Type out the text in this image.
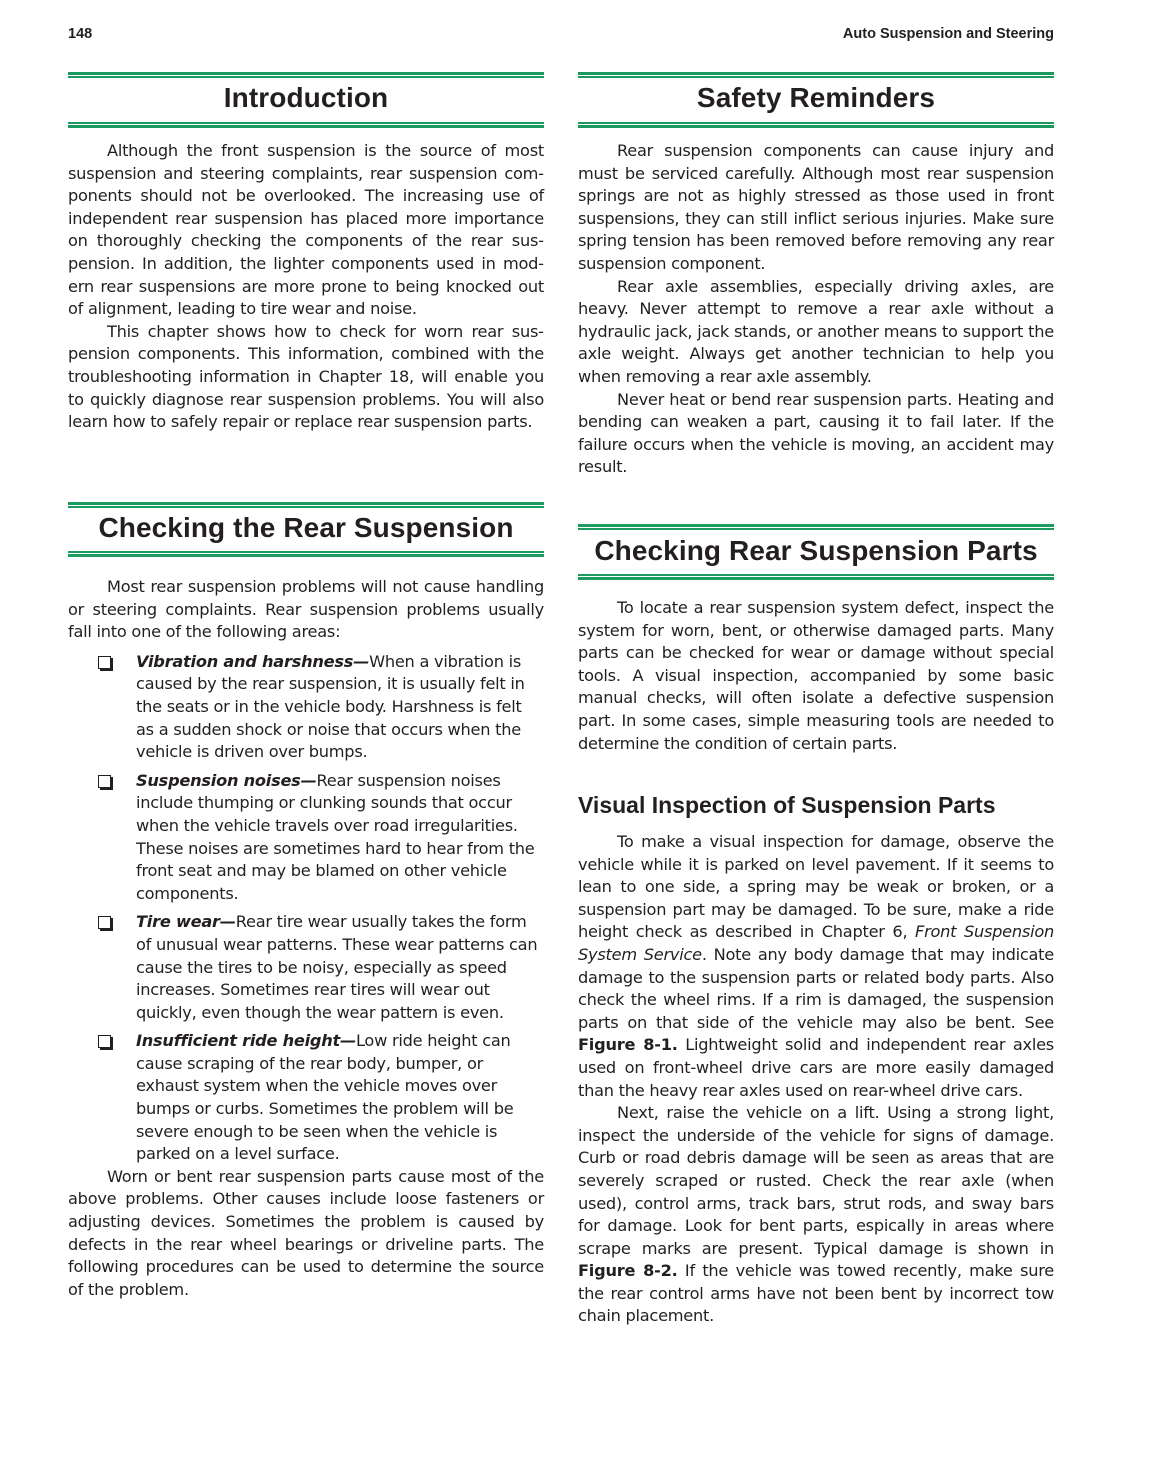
148	Auto Suspension and Steering
Introduction

Although the front suspension is the source of most suspension and steering complaints, rear suspension components should not be overlooked. The increasing use of independent rear suspension has placed more importance on thoroughly checking the components of the rear suspension. In addition, the lighter components used in modern rear suspensions are more prone to being knocked out of alignment, leading to tire wear and noise.

This chapter shows how to check for worn rear suspension components. This information, combined with the troubleshooting information in Chapter 18, will enable you to quickly diagnose rear suspension problems. You will also learn how to safely repair or replace rear suspension parts.

Checking the Rear Suspension

Most rear suspension problems will not cause handling or steering complaints. Rear suspension problems usually fall into one of the following areas:

Vibration and harshness—When a vibration is caused by the rear suspension, it is usually felt in the seats or in the vehicle body. Harshness is felt as a sudden shock or noise that occurs when the vehicle is driven over bumps.
Suspension noises—Rear suspension noises include thumping or clunking sounds that occur when the vehicle travels over road irregularities. These noises are sometimes hard to hear from the front seat and may be blamed on other vehicle components.
Tire wear—Rear tire wear usually takes the form of unusual wear patterns. These wear patterns can cause the tires to be noisy, especially as speed increases. Sometimes rear tires will wear out quickly, even though the wear pattern is even.
Insufficient ride height—Low ride height can cause scraping of the rear body, bumper, or exhaust system when the vehicle moves over bumps or curbs. Sometimes the problem will be severe enough to be seen when the vehicle is parked on a level surface.

Worn or bent rear suspension parts cause most of the above problems. Other causes include loose fasteners or adjusting devices. Sometimes the problem is caused by defects in the rear wheel bearings or driveline parts. The following procedures can be used to determine the source of the problem.

Safety Reminders

Rear suspension components can cause injury and must be serviced carefully. Although most rear suspension springs are not as highly stressed as those used in front suspensions, they can still inflict serious injuries. Make sure spring tension has been removed before removing any rear suspension component.

Rear axle assemblies, especially driving axles, are heavy. Never attempt to remove a rear axle without a hydraulic jack, jack stands, or another means to support the axle weight. Always get another technician to help you when removing a rear axle assembly.

Never heat or bend rear suspension parts. Heating and bending can weaken a part, causing it to fail later. If the failure occurs when the vehicle is moving, an accident may result.

Checking Rear Suspension Parts

To locate a rear suspension system defect, inspect the system for worn, bent, or otherwise damaged parts. Many parts can be checked for wear or damage without special tools. A visual inspection, accompanied by some basic manual checks, will often isolate a defective suspension part. In some cases, simple measuring tools are needed to determine the condition of certain parts.

Visual Inspection of Suspension Parts

To make a visual inspection for damage, observe the vehicle while it is parked on level pavement. If it seems to lean to one side, a spring may be weak or broken, or a suspension part may be damaged. To be sure, make a ride height check as described in Chapter 6, Front Suspension System Service. Note any body damage that may indicate damage to the suspension parts or related body parts. Also check the wheel rims. If a rim is damaged, the suspension parts on that side of the vehicle may also be bent. See Figure 8-1. Lightweight solid and independent rear axles used on front-wheel drive cars are more easily damaged than the heavy rear axles used on rear-wheel drive cars.

Next, raise the vehicle on a lift. Using a strong light, inspect the underside of the vehicle for signs of damage. Curb or road debris damage will be seen as areas that are severely scraped or rusted. Check the rear axle (when used), control arms, track bars, strut rods, and sway bars for damage. Look for bent parts, espically in areas where scrape marks are present. Typical damage is shown in Figure 8-2. If the vehicle was towed recently, make sure the rear control arms have not been bent by incorrect tow chain placement.
